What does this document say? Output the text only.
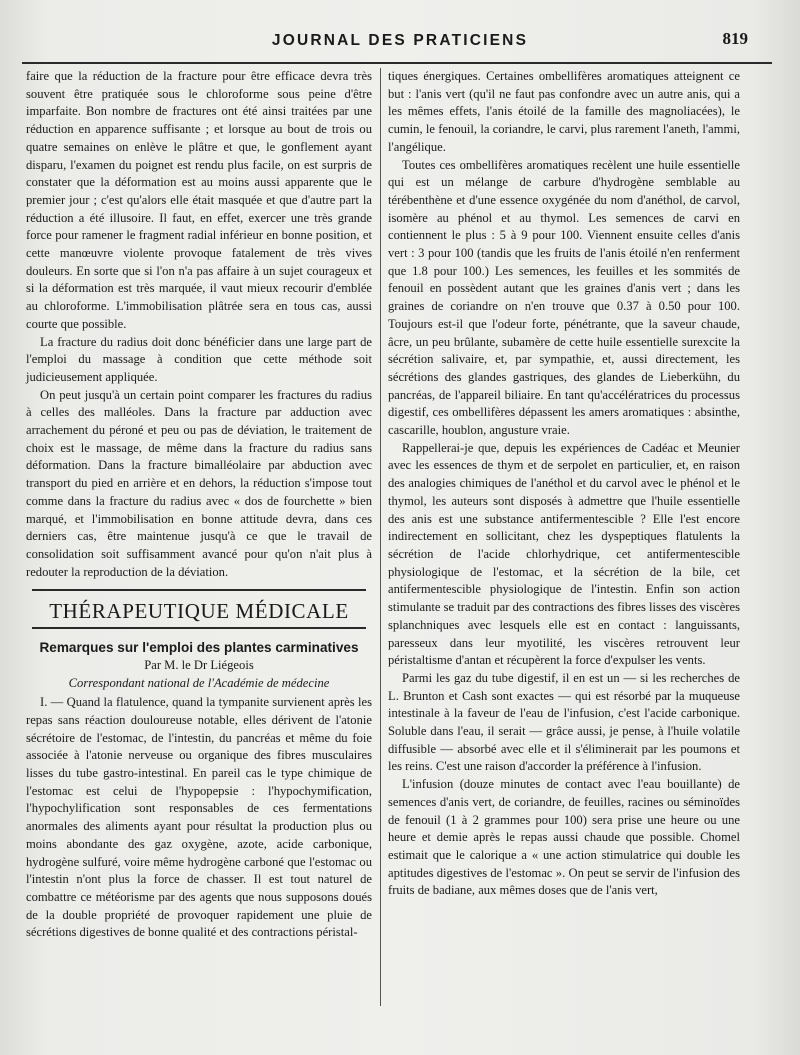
JOURNAL DES PRATICIENS	819

faire que la réduction de la fracture pour être efficace devra très souvent être pratiquée sous le chloroforme sous peine d'être imparfaite. Bon nombre de fractures ont été ainsi traitées par une réduction en apparence suffisante ; et lorsque au bout de trois ou quatre semaines on enlève le plâtre et que, le gonflement ayant disparu, l'examen du poignet est rendu plus facile, on est surpris de constater que la déformation est au moins aussi apparente que le premier jour ; c'est qu'alors elle était masquée et que d'autre part la réduction a été illusoire. Il faut, en effet, exercer une très grande force pour ramener le fragment radial inférieur en bonne position, et cette manœuvre violente provoque fatalement de très vives douleurs. En sorte que si l'on n'a pas affaire à un sujet courageux et si la déformation est très marquée, il vaut mieux recourir d'emblée au chloroforme. L'immobilisation plâtrée sera en tous cas, aussi courte que possible.

La fracture du radius doit donc bénéficier dans une large part de l'emploi du massage à condition que cette méthode soit judicieusement appliquée.

On peut jusqu'à un certain point comparer les fractures du radius à celles des malléoles. Dans la fracture par adduction avec arrachement du péroné et peu ou pas de déviation, le traitement de choix est le massage, de même dans la fracture du radius sans déformation. Dans la fracture bimalléolaire par abduction avec transport du pied en arrière et en dehors, la réduction s'impose tout comme dans la fracture du radius avec « dos de fourchette » bien marqué, et l'immobilisation en bonne attitude devra, dans ces derniers cas, être maintenue jusqu'à ce que le travail de consolidation soit suffisamment avancé pour qu'on n'ait plus à redouter la reproduction de la déviation.

THÉRAPEUTIQUE MÉDICALE
Remarques sur l'emploi des plantes carminatives

Par M. le Dr Liégeois

Correspondant national de l'Académie de médecine

I. — Quand la flatulence, quand la tympanite survienent après les repas sans réaction douloureuse notable, elles dérivent de l'atonie sécrétoire de l'estomac, de l'intestin, du pancréas et même du foie associée à l'atonie nerveuse ou organique des fibres musculaires lisses du tube gastro-intestinal. En pareil cas le type chimique de l'estomac est celui de l'hypopepsie : l'hypochymification, l'hypochylification sont responsables de ces fermentations anormales des aliments ayant pour résultat la production plus ou moins abondante des gaz oxygène, azote, acide carbonique, hydrogène sulfuré, voire même hydrogène carboné que l'estomac ou l'intestin n'ont plus la force de chasser. Il est tout naturel de combattre ce météorisme par des agents que nous supposons doués de la double propriété de provoquer rapidement une pluie de sécrétions digestives de bonne qualité et des contractions péristal-

tiques énergiques. Certaines ombellifères aromatiques atteignent ce but : l'anis vert (qu'il ne faut pas confondre avec un autre anis, qui a les mêmes effets, l'anis étoilé de la famille des magnoliacées), le cumin, le fenouil, la coriandre, le carvi, plus rarement l'aneth, l'ammi, l'angélique.

Toutes ces ombellifères aromatiques recèlent une huile essentielle qui est un mélange de carbure d'hydrogène semblable au térébenthène et d'une essence oxygénée du nom d'anéthol, de carvol, isomère au phénol et au thymol. Les semences de carvi en contiennent le plus : 5 à 9 pour 100. Viennent ensuite celles d'anis vert : 3 pour 100 (tandis que les fruits de l'anis étoilé n'en renferment que 1.8 pour 100.) Les semences, les feuilles et les sommités de fenouil en possèdent autant que les graines d'anis vert ; dans les graines de coriandre on n'en trouve que 0.37 à 0.50 pour 100. Toujours est-il que l'odeur forte, pénétrante, que la saveur chaude, âcre, un peu brûlante, subamère de cette huile essentielle surexcite la sécrétion salivaire, et, par sympathie, et, aussi directement, les sécrétions des glandes gastriques, des glandes de Lieberkühn, du pancréas, de l'appareil biliaire. En tant qu'accélératrices du processus digestif, ces ombellifères dépassent les amers aromatiques : absinthe, cascarille, houblon, angusture vraie.

Rappellerai-je que, depuis les expériences de Cadéac et Meunier avec les essences de thym et de serpolet en particulier, et, en raison des analogies chimiques de l'anéthol et du carvol avec le phénol et le thymol, les auteurs sont disposés à admettre que l'huile essentielle des anis est une substance antifermentescible ? Elle l'est encore indirectement en sollicitant, chez les dyspeptiques flatulents la sécrétion de l'acide chlorhydrique, cet antifermentescible physiologique de l'estomac, et la sécrétion de la bile, cet antifermentescible physiologique de l'intestin. Enfin son action stimulante se traduit par des contractions des fibres lisses des viscères splanchniques avec lesquels elle est en contact : languissants, paresseux dans leur myotilité, les viscères retrouvent leur péristaltisme d'antan et récupèrent la force d'expulser les vents.

Parmi les gaz du tube digestif, il en est un — si les recherches de L. Brunton et Cash sont exactes — qui est résorbé par la muqueuse intestinale à la faveur de l'eau de l'infusion, c'est l'acide carbonique. Soluble dans l'eau, il serait — grâce aussi, je pense, à l'huile volatile diffusible — absorbé avec elle et il s'éliminerait par les poumons et les reins. C'est une raison d'accorder la préférence à l'infusion.

L'infusion (douze minutes de contact avec l'eau bouillante) de semences d'anis vert, de coriandre, de feuilles, racines ou séminoïdes de fenouil (1 à 2 grammes pour 100) sera prise une heure ou une heure et demie après le repas aussi chaude que possible. Chomel estimait que le calorique a « une action stimulatrice qui double les aptitudes digestives de l'estomac ». On peut se servir de l'infusion des fruits de badiane, aux mêmes doses que de l'anis vert,
